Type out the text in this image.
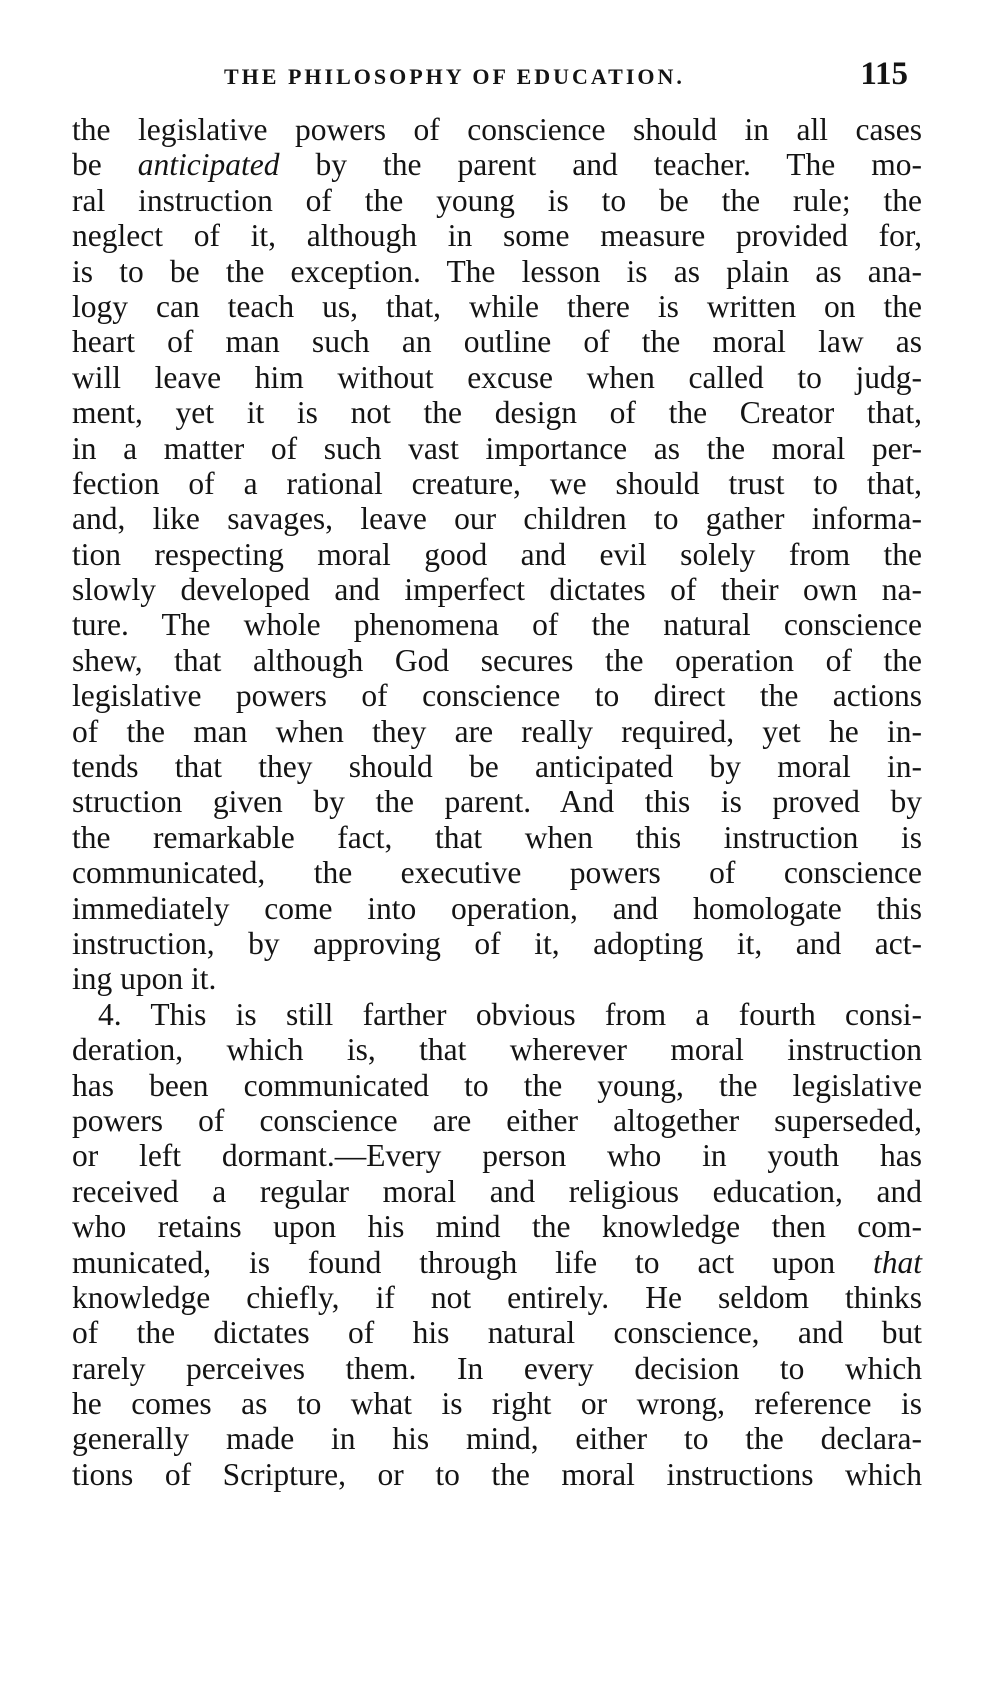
THE PHILOSOPHY OF EDUCATION.	115
the legislative powers of conscience should in all cases
be anticipated by the parent and teacher. The mo-
ral instruction of the young is to be the rule; the
neglect of it, although in some measure provided for,
is to be the exception. The lesson is as plain as ana-
logy can teach us, that, while there is written on the
heart of man such an outline of the moral law as
will leave him without excuse when called to judg-
ment, yet it is not the design of the Creator that,
in a matter of such vast importance as the moral per-
fection of a rational creature, we should trust to that,
and, like savages, leave our children to gather informa-
tion respecting moral good and evil solely from the
slowly developed and imperfect dictates of their own na-
ture. The whole phenomena of the natural conscience
shew, that although God secures the operation of the
legislative powers of conscience to direct the actions
of the man when they are really required, yet he in-
tends that they should be anticipated by moral in-
struction given by the parent. And this is proved by
the remarkable fact, that when this instruction is
communicated, the executive powers of conscience
immediately come into operation, and homologate this
instruction, by approving of it, adopting it, and act-
ing upon it.
4. This is still farther obvious from a fourth consi-
deration, which is, that wherever moral instruction
has been communicated to the young, the legislative
powers of conscience are either altogether superseded,
or left dormant.—Every person who in youth has
received a regular moral and religious education, and
who retains upon his mind the knowledge then com-
municated, is found through life to act upon that
knowledge chiefly, if not entirely. He seldom thinks
of the dictates of his natural conscience, and but
rarely perceives them. In every decision to which
he comes as to what is right or wrong, reference is
generally made in his mind, either to the declara-
tions of Scripture, or to the moral instructions which
